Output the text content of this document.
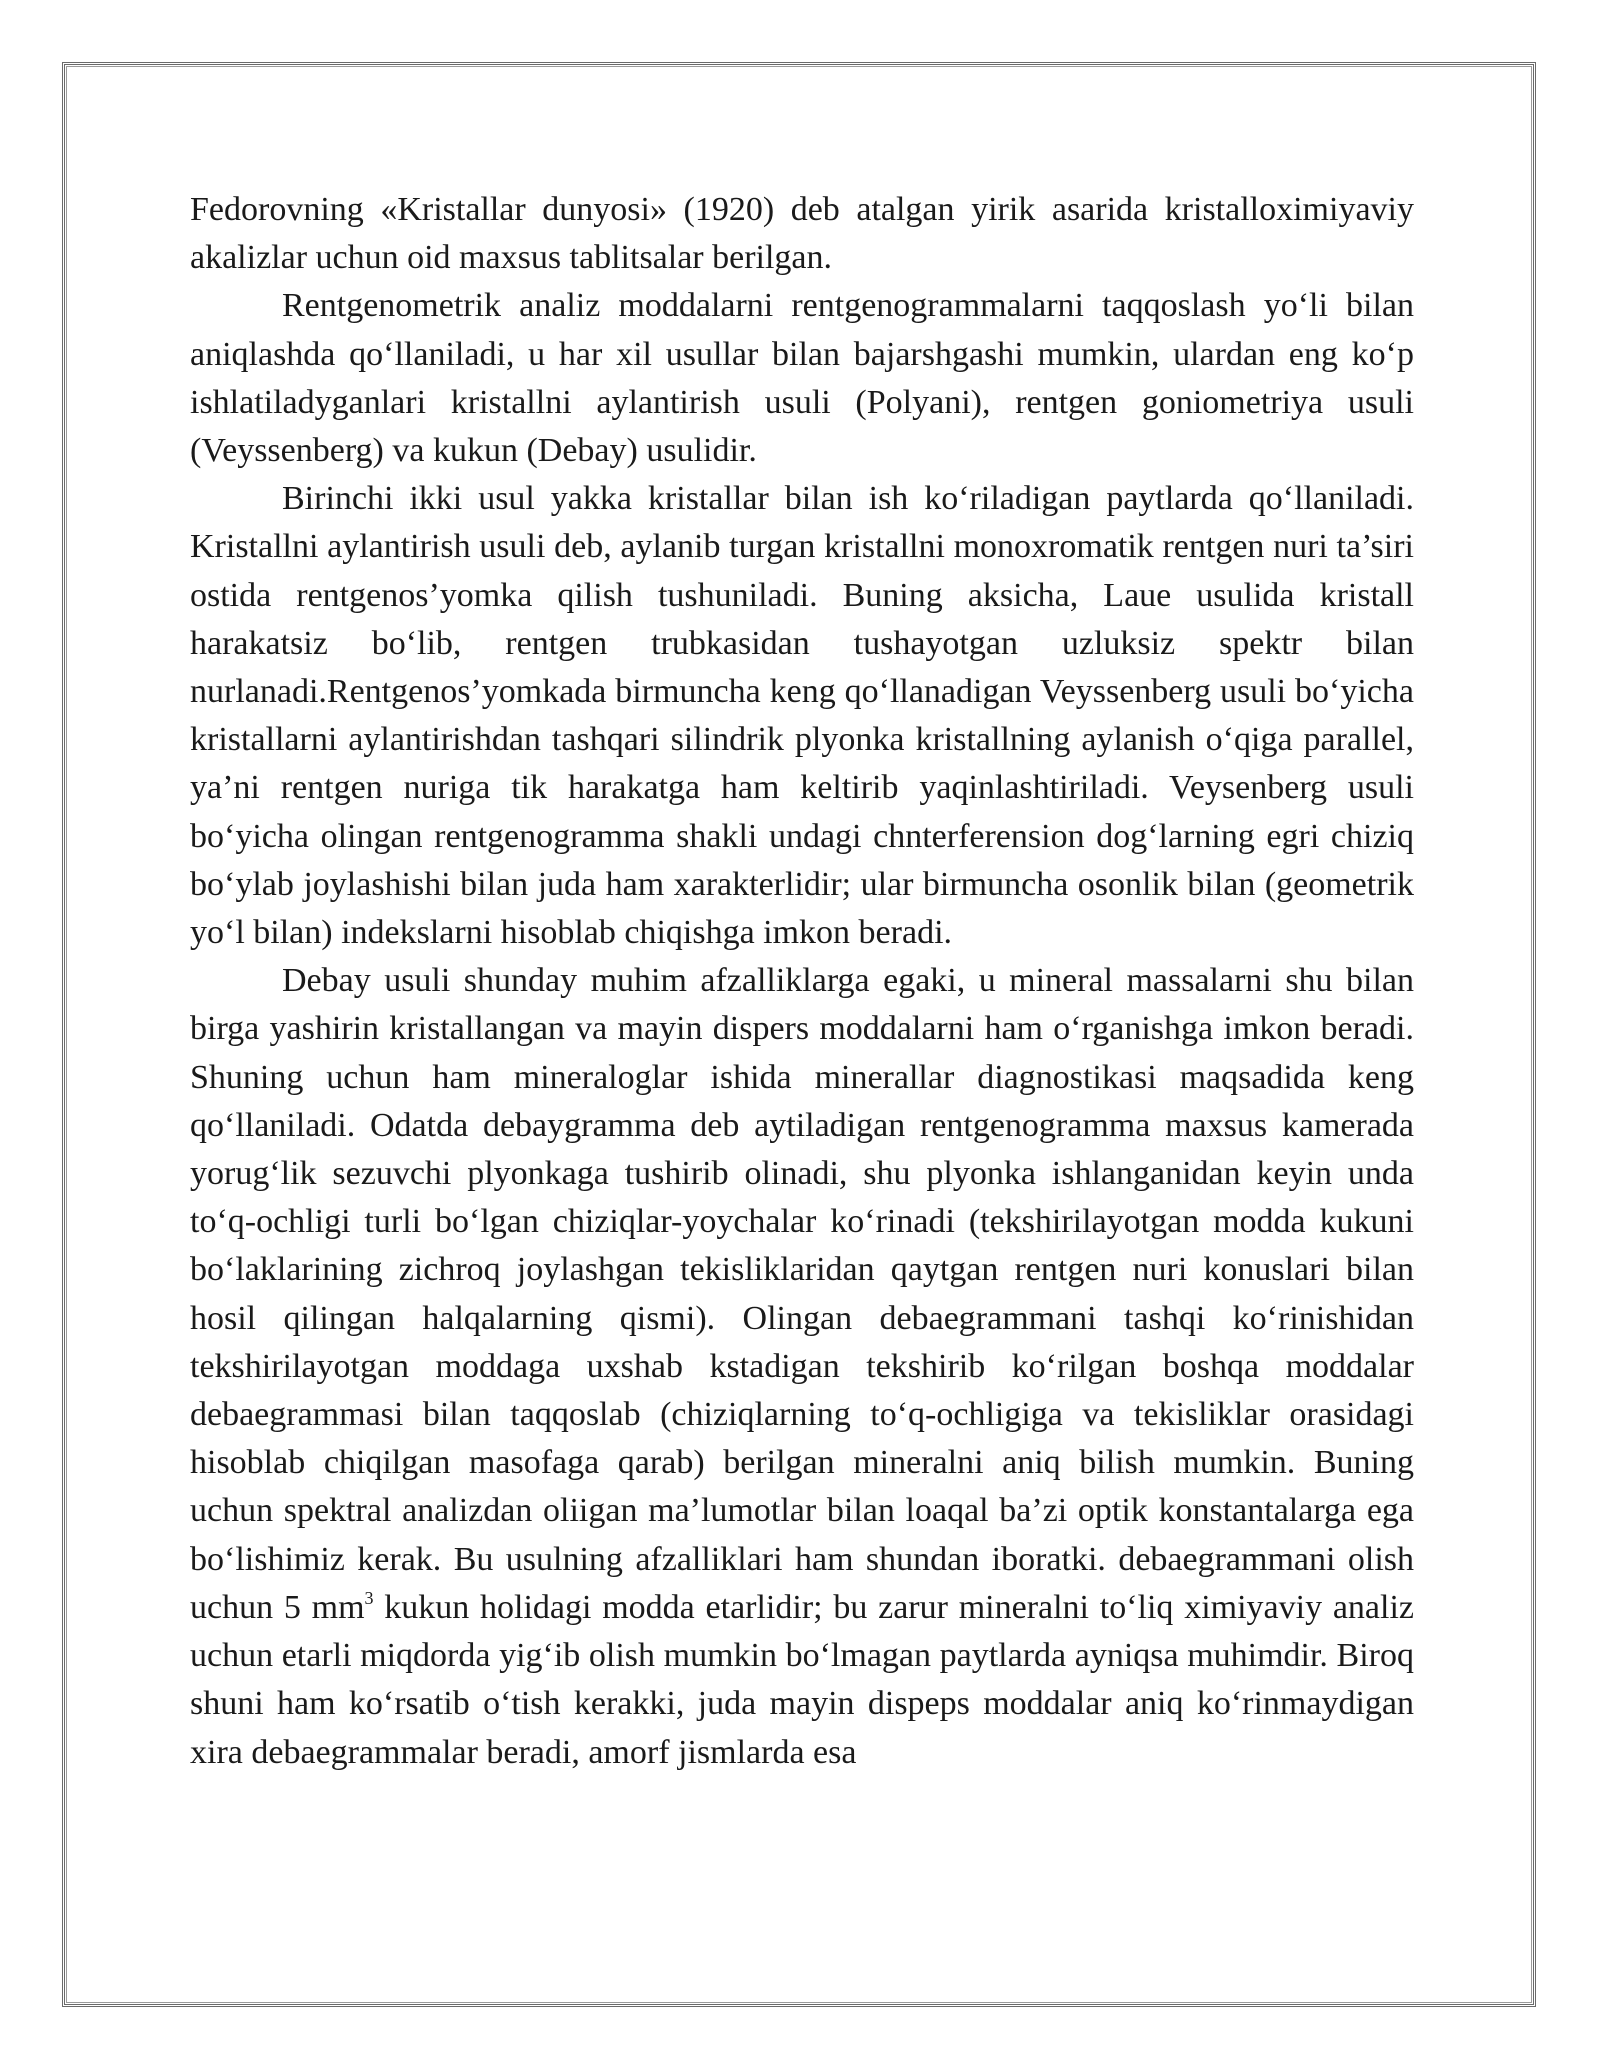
Fedorovning «Kristallar dunyosi» (1920) deb atalgan yirik asarida kristalloximiyaviy akalizlar uchun oid maxsus tablitsalar berilgan.

Rentgenometrik analiz moddalarni rentgenogrammalarni taqqoslash yo‘li bilan aniqlashda qo‘llaniladi, u har xil usullar bilan bajarshgashi mumkin, ulardan eng ko‘p ishlatiladyganlari kristallni aylantirish usuli (Polyani), rentgen goniometriya usuli (Veyssenberg) va kukun (Debay) usulidir.

Birinchi ikki usul yakka kristallar bilan ish ko‘riladigan paytlarda qo‘llaniladi. Kristallni aylantirish usuli deb, aylanib turgan kristallni monoxromatik rentgen nuri ta’siri ostida rentgenos’yomka qilish tushuniladi. Buning aksicha, Laue usulida kristall harakatsiz bo‘lib, rentgen trubkasidan tushayotgan uzluksiz spektr bilan nurlanadi.Rentgenos’yomkada birmuncha keng qo‘llanadigan Veyssenberg usuli bo‘yicha kristallarni aylantirishdan tashqari silindrik plyonka kristallning aylanish o‘qiga parallel, ya’ni rentgen nuriga tik harakatga ham keltirib yaqinlashtiriladi. Veysenberg usuli bo‘yicha olingan rentgenogramma shakli undagi chnterferension dog‘larning egri chiziq bo‘ylab joylashishi bilan juda ham xarakterlidir; ular birmuncha osonlik bilan (geometrik yo‘l bilan) indekslarni hisoblab chiqishga imkon beradi.

Debay usuli shunday muhim afzalliklarga egaki, u mineral massalarni shu bilan birga yashirin kristallangan va mayin dispers moddalarni ham o‘rganishga imkon beradi. Shuning uchun ham mineraloglar ishida minerallar diagnostikasi maqsadida keng qo‘llaniladi. Odatda debaygramma deb aytiladigan rentgenogramma maxsus kamerada yorug‘lik sezuvchi plyonkaga tushirib olinadi, shu plyonka ishlanganidan keyin unda to‘q-ochligi turli bo‘lgan chiziqlar-yoychalar ko‘rinadi (tekshirilayotgan modda kukuni bo‘laklarining zichroq joylashgan tekisliklaridan qaytgan rentgen nuri konuslari bilan hosil qilingan halqalarning qismi). Olingan debaegrammani tashqi ko‘rinishidan tekshirilayotgan moddaga uxshab kstadigan tekshirib ko‘rilgan boshqa moddalar debaegrammasi bilan taqqoslab (chiziqlarning to‘q-ochligiga va tekisliklar orasidagi hisoblab chiqilgan masofaga qarab) berilgan mineralni aniq bilish mumkin. Buning uchun spektral analizdan oliigan ma’lumotlar bilan loaqal ba’zi optik konstantalarga ega bo‘lishimiz kerak. Bu usulning afzalliklari ham shundan iboratki. debaegrammani olish uchun 5 $mm^3$ kukun holidagi modda etarlidir; bu zarur mineralni to‘liq ximiyaviy analiz uchun etarli miqdorda yig‘ib olish mumkin bo‘lmagan paytlarda ayniqsa muhimdir. Biroq shuni ham ko‘rsatib o‘tish kerakki, juda mayin dispeps moddalar aniq ko‘rinmaydigan xira debaegrammalar beradi, amorf jismlarda esa
